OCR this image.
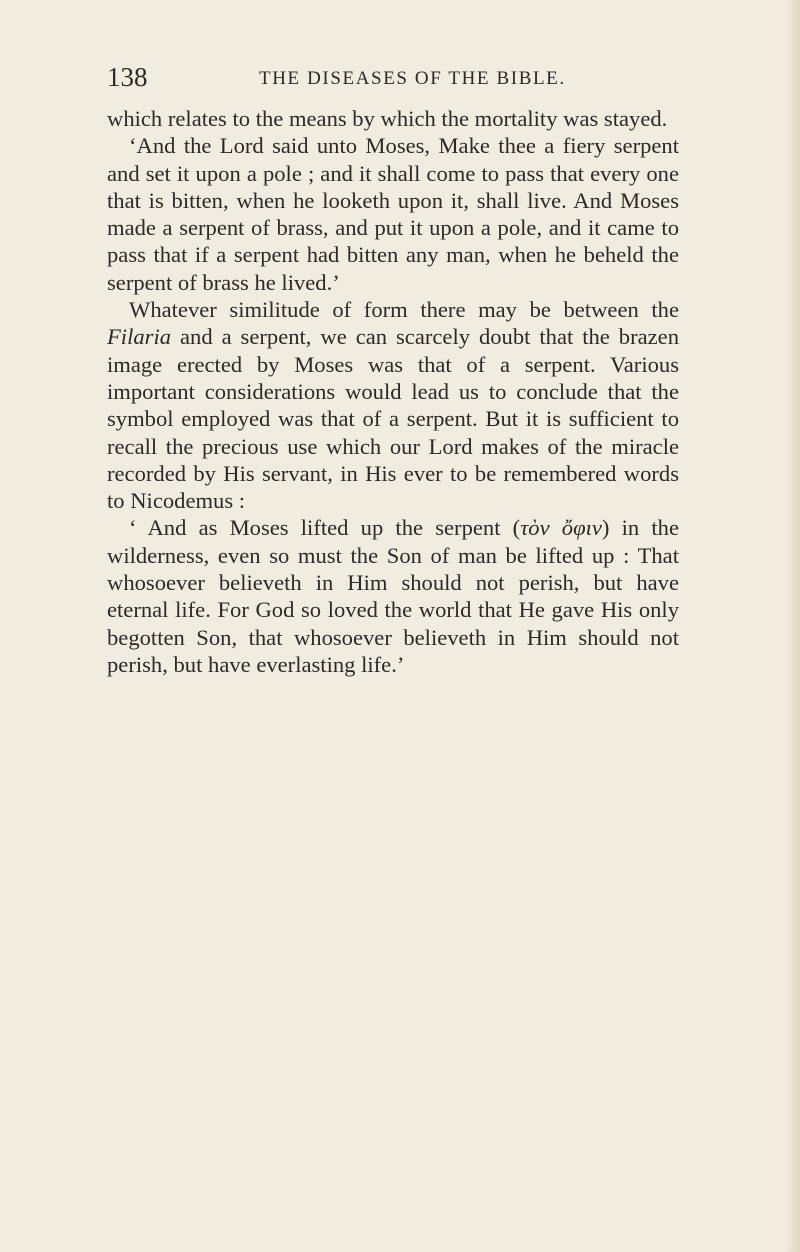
138	THE DISEASES OF THE BIBLE.

which relates to the means by which the mortality was stayed.

‘And the Lord said unto Moses, Make thee a fiery serpent and set it upon a pole ; and it shall come to pass that every one that is bitten, when he looketh upon it, shall live. And Moses made a serpent of brass, and put it upon a pole, and it came to pass that if a serpent had bitten any man, when he beheld the serpent of brass he lived.’

Whatever similitude of form there may be between the Filaria and a serpent, we can scarcely doubt that the brazen image erected by Moses was that of a serpent. Various important considerations would lead us to conclude that the symbol employed was that of a serpent. But it is sufficient to recall the precious use which our Lord makes of the miracle recorded by His servant, in His ever to be remembered words to Nicodemus :

‘ And as Moses lifted up the serpent (τὸν ὄφιν) in the wilderness, even so must the Son of man be lifted up : That whosoever believeth in Him should not perish, but have eternal life. For God so loved the world that He gave His only begotten Son, that whosoever believeth in Him should not perish, but have everlasting life.’
